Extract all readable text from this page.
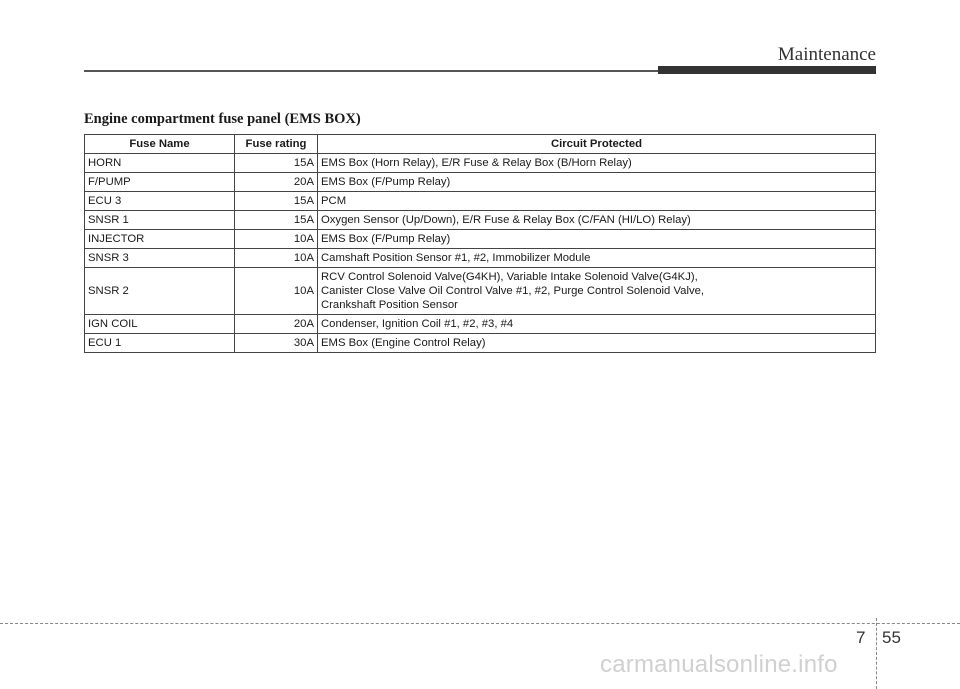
Maintenance
Engine compartment fuse panel (EMS BOX)
Fuse Name	Fuse rating	Circuit Protected
HORN	15A	EMS Box (Horn Relay), E/R Fuse & Relay Box (B/Horn Relay)
F/PUMP	20A	EMS Box (F/Pump Relay)
ECU 3	15A	PCM
SNSR 1	15A	Oxygen Sensor (Up/Down), E/R Fuse & Relay Box (C/FAN (HI/LO) Relay)
INJECTOR	10A	EMS Box (F/Pump Relay)
SNSR 3	10A	Camshaft Position Sensor #1, #2, Immobilizer Module
SNSR 2	10A	RCV Control Solenoid Valve(G4KH), Variable Intake Solenoid Valve(G4KJ),
Canister Close Valve Oil Control Valve #1, #2, Purge Control Solenoid Valve,
Crankshaft Position Sensor

IGN COIL	20A	Condenser, Ignition Coil #1, #2, #3, #4
ECU 1	30A	EMS Box (Engine Control Relay)
7 55
carmanualsonline.info
